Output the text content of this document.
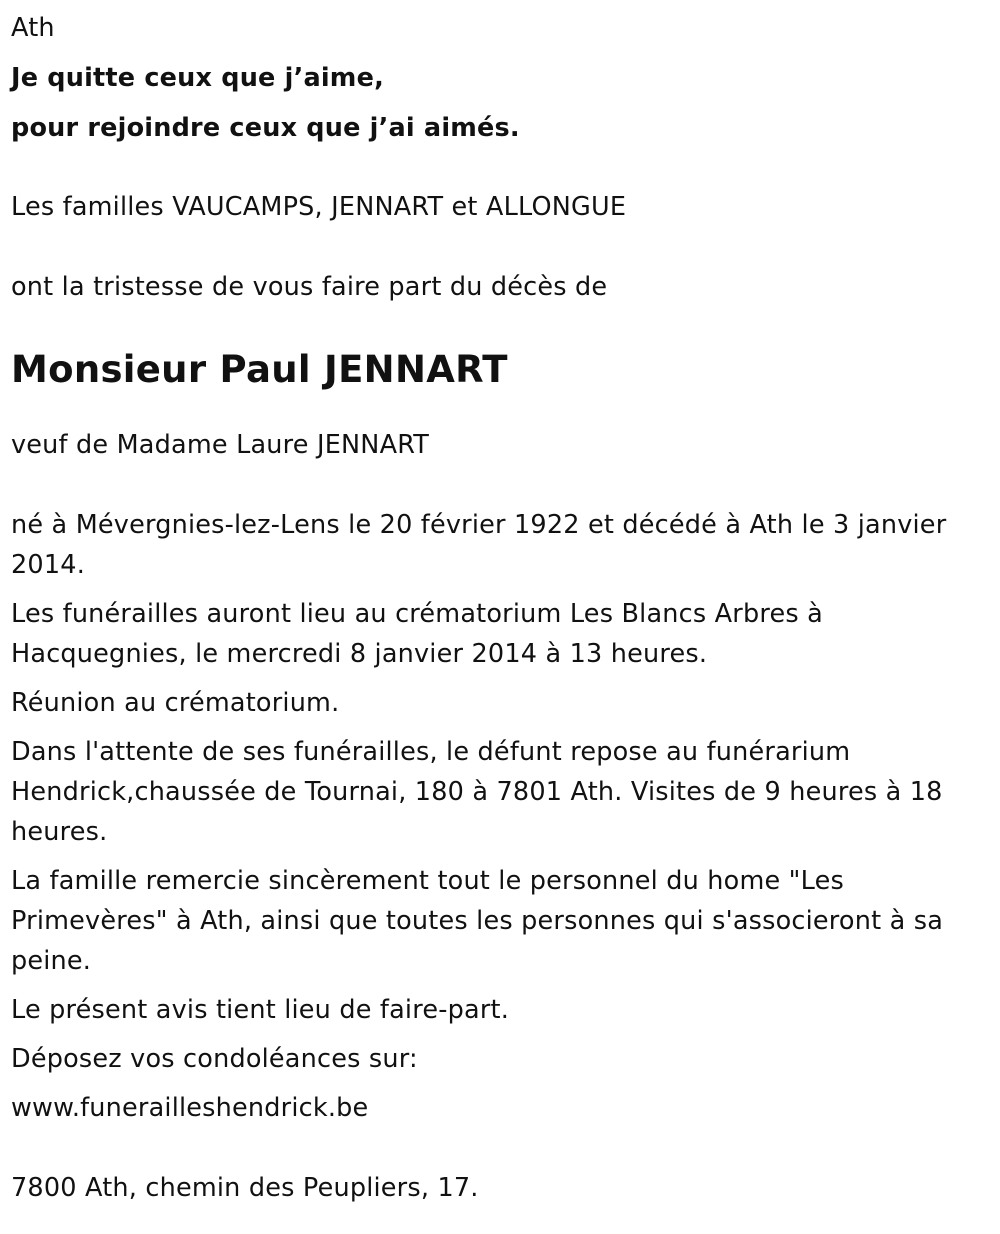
Ath

Je quitte ceux que j’aime,

pour rejoindre ceux que j’ai aimés.

Les familles VAUCAMPS, JENNART et ALLONGUE

ont la tristesse de vous faire part du décès de

Monsieur Paul JENNART

veuf de Madame Laure JENNART

né à Mévergnies-lez-Lens le 20 février 1922 et décédé à Ath le 3 janvier 2014.

Les funérailles auront lieu au crématorium Les Blancs Arbres à Hacquegnies, le mercredi 8 janvier 2014 à 13 heures.

Réunion au crématorium.

Dans l'attente de ses funérailles, le défunt repose au funérarium Hendrick,chaussée de Tournai, 180 à 7801 Ath. Visites de 9 heures à 18 heures.

La famille remercie sincèrement tout le personnel du home "Les Primevères" à Ath, ainsi que toutes les personnes qui s'associeront à sa peine.

Le présent avis tient lieu de faire-part.

Déposez vos condoléances sur:

www.funerailleshendrick.be

7800 Ath, chemin des Peupliers, 17.
